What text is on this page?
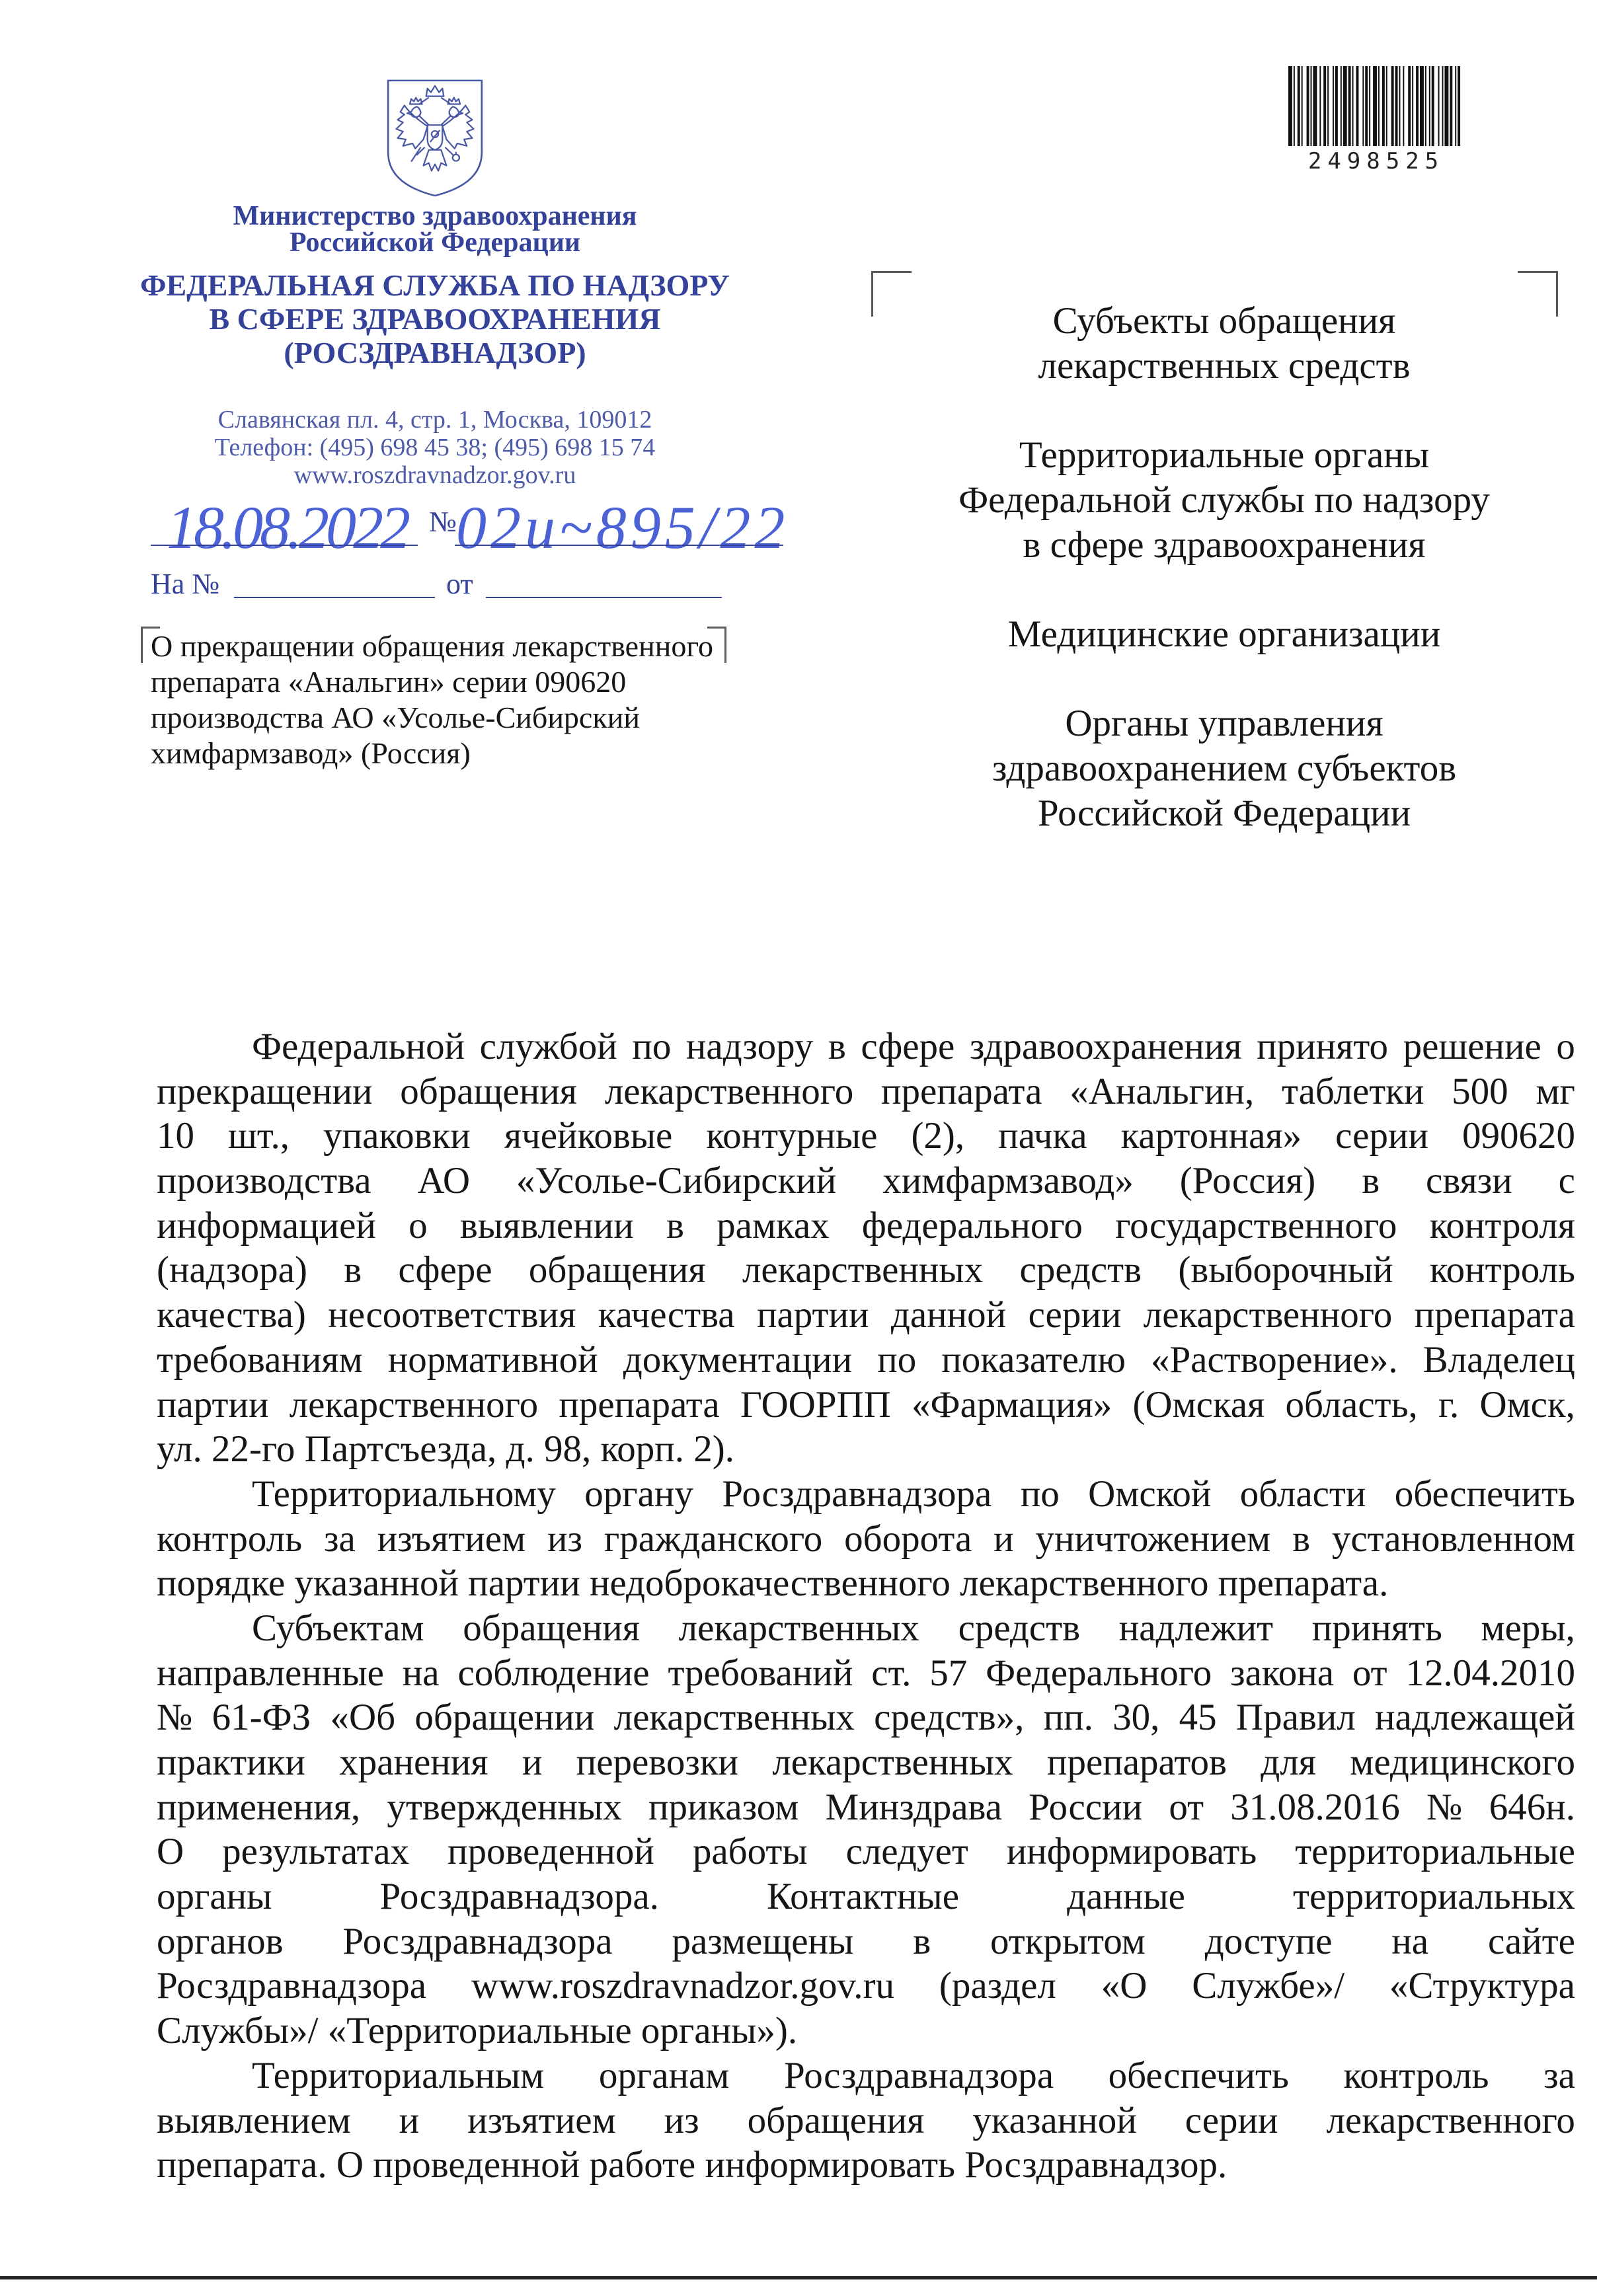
Министерство здравоохранения
Российской Федерации
ФЕДЕРАЛЬНАЯ СЛУЖБА ПО НАДЗОРУ
В СФЕРЕ ЗДРАВООХРАНЕНИЯ
(РОСЗДРАВНАДЗОР)
Славянская пл. 4, стр. 1, Москва, 109012
Телефон: (495) 698 45 38; (495) 698 15 74
www.roszdravnadzor.gov.ru
18.08.2022 № 02и~895/22
На №	от
О прекращении обращения лекарственного
препарата «Анальгин» серии 090620
производства АО «Усолье-Сибирский
химфармзавод» (Россия)
2498525
Субъекты обращения
лекарственных средств
Территориальные органы
Федеральной службы по надзору
в сфере здравоохранения
Медицинские организации
Органы управления
здравоохранением субъектов
Российской Федерации
Федеральной службой по надзору в сфере здравоохранения принято решение о
прекращении обращения лекарственного препарата «Анальгин, таблетки 500 мг
10 шт., упаковки ячейковые контурные (2), пачка картонная» серии 090620
производства АО «Усолье-Сибирский химфармзавод» (Россия) в связи с
информацией о выявлении в рамках федерального государственного контроля
(надзора) в сфере обращения лекарственных средств (выборочный контроль
качества) несоответствия качества партии данной серии лекарственного препарата
требованиям нормативной документации по показателю «Растворение». Владелец
партии лекарственного препарата ГООРПП «Фармация» (Омская область, г. Омск,
ул. 22-го Партсъезда, д. 98, корп. 2).
Территориальному органу Росздравнадзора по Омской области обеспечить
контроль за изъятием из гражданского оборота и уничтожением в установленном
порядке указанной партии недоброкачественного лекарственного препарата.
Субъектам обращения лекарственных средств надлежит принять меры,
направленные на соблюдение требований ст. 57 Федерального закона от 12.04.2010
№ 61-ФЗ «Об обращении лекарственных средств», пп. 30, 45 Правил надлежащей
практики хранения и перевозки лекарственных препаратов для медицинского
применения, утвержденных приказом Минздрава России от 31.08.2016 № 646н.
О результатах проведенной работы следует информировать территориальные
органы	Росздравнадзора.	Контактные	данные	территориальных
органов Росздравнадзора размещены в открытом доступе на сайте
Росздравнадзора www.roszdravnadzor.gov.ru (раздел «О Службе»/ «Структура
Службы»/ «Территориальные органы»).
Территориальным органам Росздравнадзора обеспечить контроль за
выявлением и изъятием из обращения указанной серии лекарственного
препарата. О проведенной работе информировать Росздравнадзор.
